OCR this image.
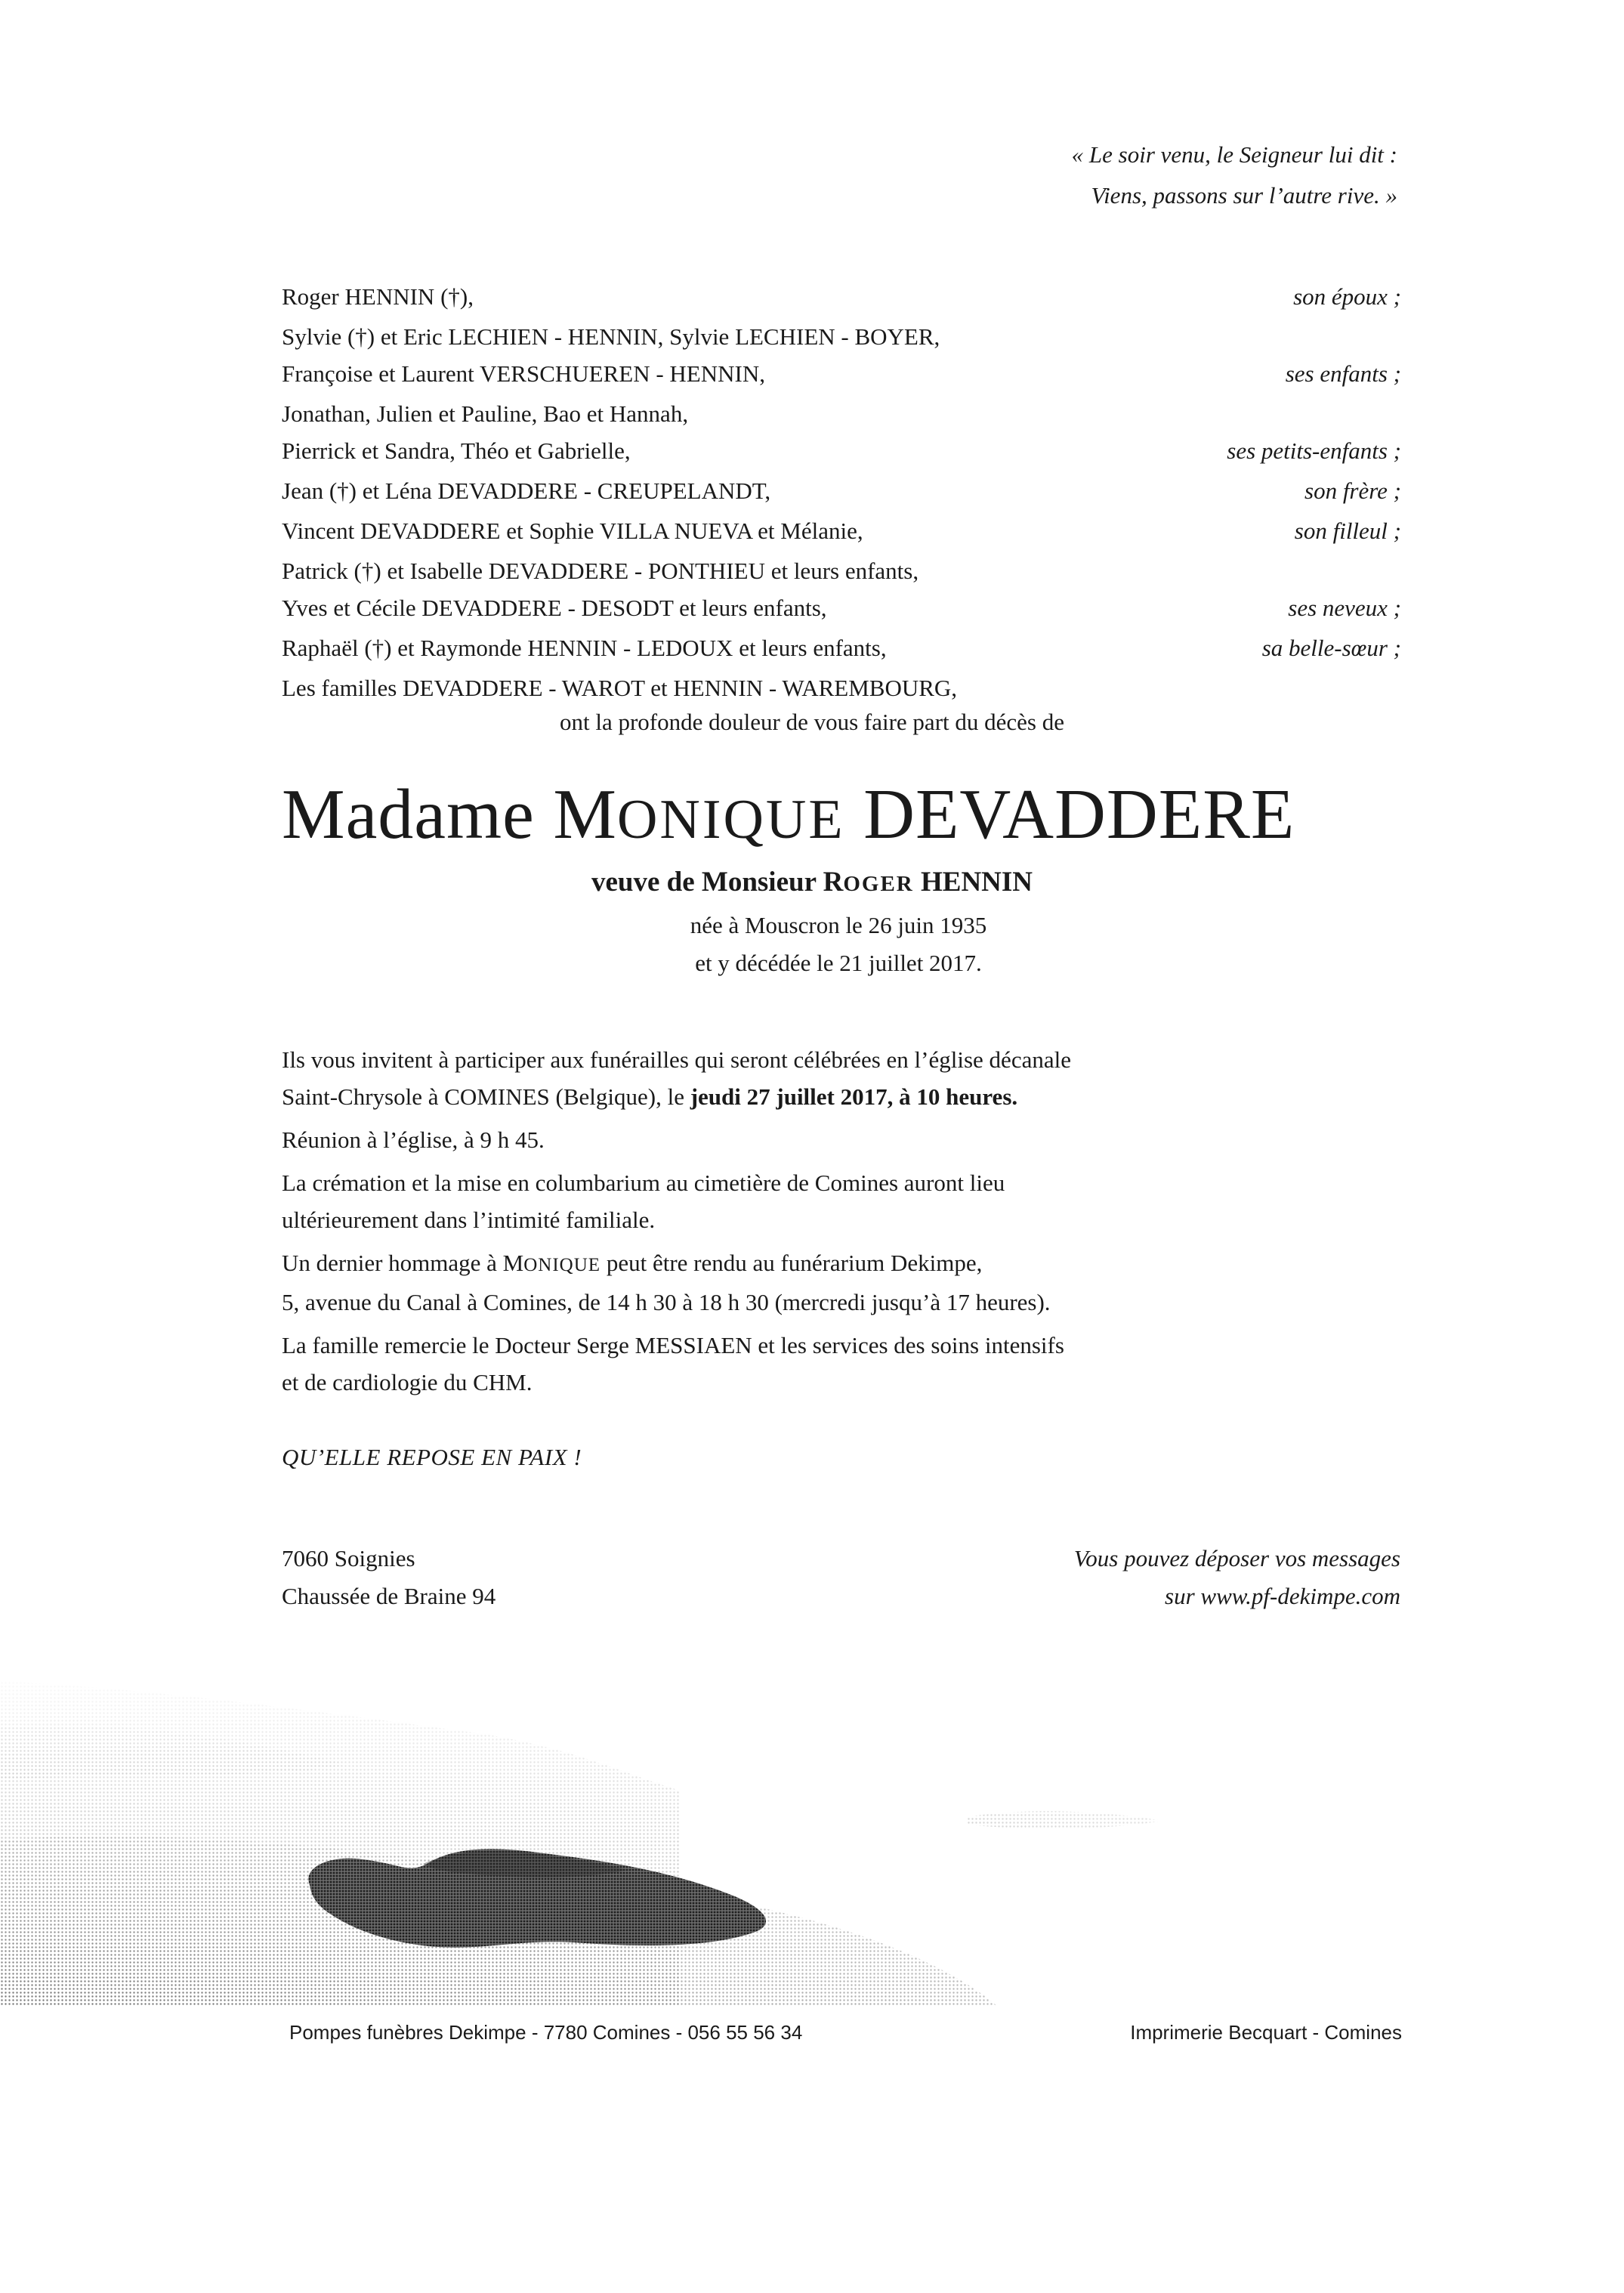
« Le soir venu, le Seigneur lui dit :
Viens, passons sur l’autre rive. »
Roger HENNIN (†),	son époux ;
Sylvie (†) et Eric LECHIEN - HENNIN, Sylvie LECHIEN - BOYER,
Françoise et Laurent VERSCHUEREN - HENNIN,	ses enfants ;
Jonathan, Julien et Pauline, Bao et Hannah,
Pierrick et Sandra, Théo et Gabrielle,	ses petits-enfants ;
Jean (†) et Léna DEVADDERE - CREUPELANDT,	son frère ;
Vincent DEVADDERE et Sophie VILLA NUEVA et Mélanie,	son filleul ;
Patrick (†) et Isabelle DEVADDERE - PONTHIEU et leurs enfants,
Yves et Cécile DEVADDERE - DESODT et leurs enfants,	ses neveux ;
Raphaël (†) et Raymonde HENNIN - LEDOUX et leurs enfants,	sa belle-sœur ;
Les familles DEVADDERE - WAROT et HENNIN - WAREMBOURG,
ont la profonde douleur de vous faire part du décès de
Madame MONIQUE DEVADDERE
veuve de Monsieur ROGER HENNIN
née à Mouscron le 26 juin 1935
et y décédée le 21 juillet 2017.

Ils vous invitent à participer aux funérailles qui seront célébrées en l’église décanale
Saint-Chrysole à COMINES (Belgique), le jeudi 27 juillet 2017, à 10 heures.

Réunion à l’église, à 9 h 45.

La crémation et la mise en columbarium au cimetière de Comines auront lieu
ultérieurement dans l’intimité familiale.

Un dernier hommage à MONIQUE peut être rendu au funérarium Dekimpe,
5, avenue du Canal à Comines, de 14 h 30 à 18 h 30 (mercredi jusqu’à 17 heures).

La famille remercie le Docteur Serge MESSIAEN et les services des soins intensifs
et de cardiologie du CHM.

QU’ELLE REPOSE EN PAIX !
7060 Soignies
Chaussée de Braine 94
Vous pouvez déposer vos messages
sur www.pf-dekimpe.com
Pompes funèbres Dekimpe - 7780 Comines - 056 55 56 34	Imprimerie Becquart - Comines
